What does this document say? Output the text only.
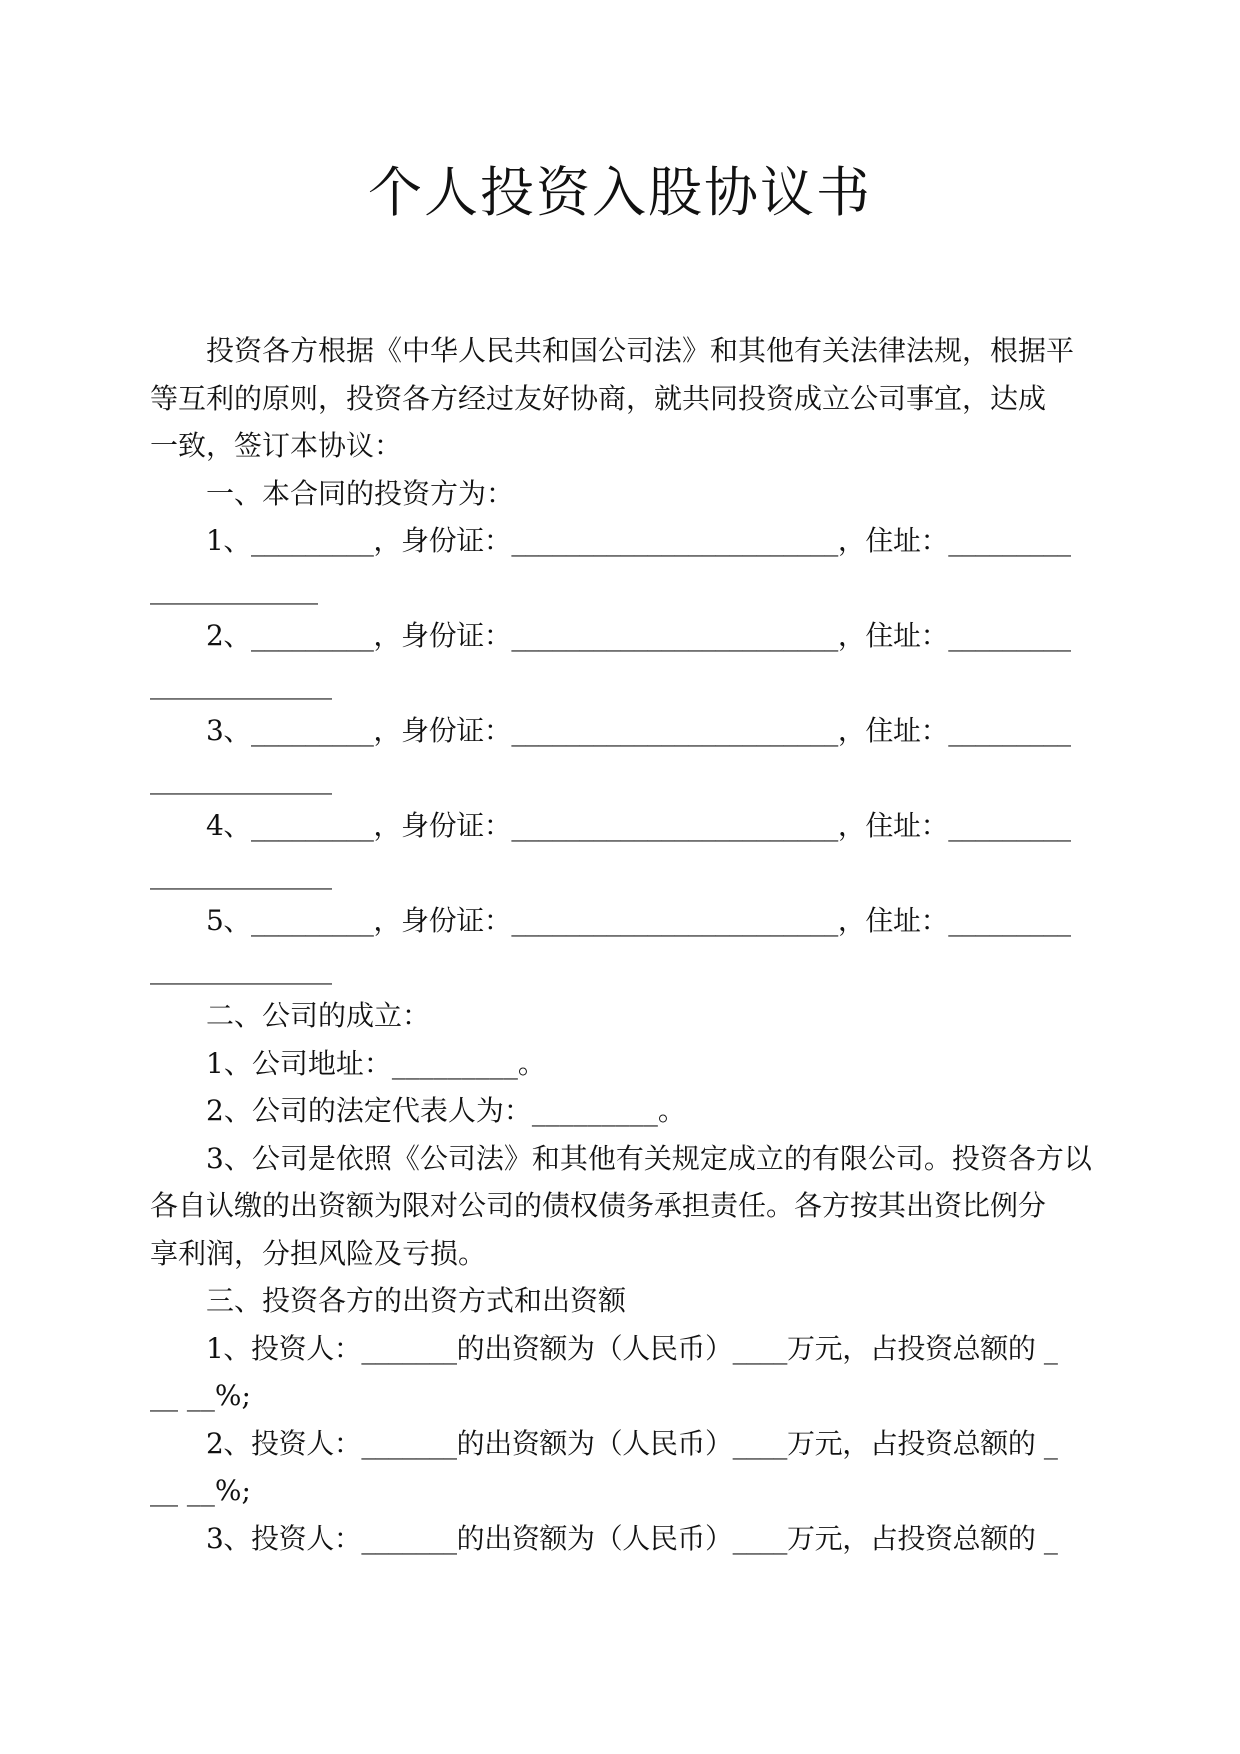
个人投资入股协议书

投资各方根据《中华人民共和国公司法》和其他有关法律法规，根据平

等互利的原则，投资各方经过友好协商，就共同投资成立公司事宜，达成

一致，签订本协议：

一、本合同的投资方为：

1、_________，身份证：________________________，住址：_________

____________

2、_________，身份证：________________________，住址：_________

_____________

3、_________，身份证：________________________，住址：_________

_____________

4、_________，身份证：________________________，住址：_________

_____________

5、_________，身份证：________________________，住址：_________

_____________

二、公司的成立：

1、公司地址：_________。

2、公司的法定代表人为：_________。

3、公司是依照《公司法》和其他有关规定成立的有限公司。投资各方以

各自认缴的出资额为限对公司的债权债务承担责任。各方按其出资比例分

享利润，分担风险及亏损。

三、投资各方的出资方式和出资额

1、投资人：_______的出资额为（人民币）____万元，占投资总额的 _

__ __%;

2、投资人：_______的出资额为（人民币）____万元，占投资总额的 _

__ __%;

3、投资人：_______的出资额为（人民币）____万元，占投资总额的 _
